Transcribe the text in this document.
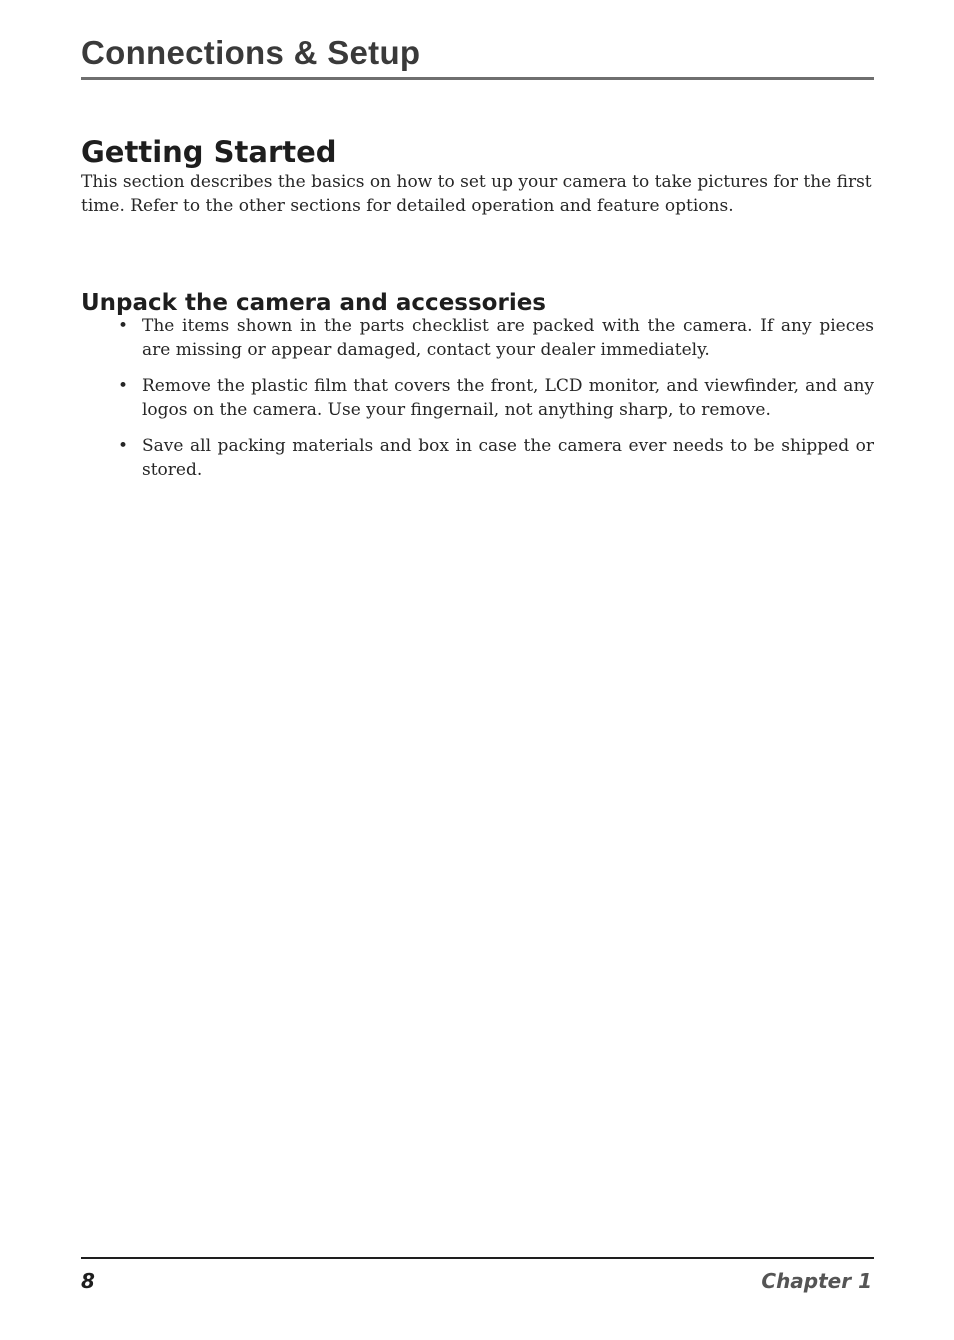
Connections & Setup
Getting Started

This section describes the basics on how to set up your camera to take pictures for the first time. Refer to the other sections for detailed operation and feature options.

Unpack the camera and accessories
• The items shown in the parts checklist are packed with the camera. If any pieces are missing or appear damaged, contact your dealer immediately.
• Remove the plastic film that covers the front, LCD monitor, and viewfinder, and any logos on the camera. Use your fingernail, not anything sharp, to remove.
• Save all packing materials and box in case the camera ever needs to be shipped or stored.
8	Chapter 1
